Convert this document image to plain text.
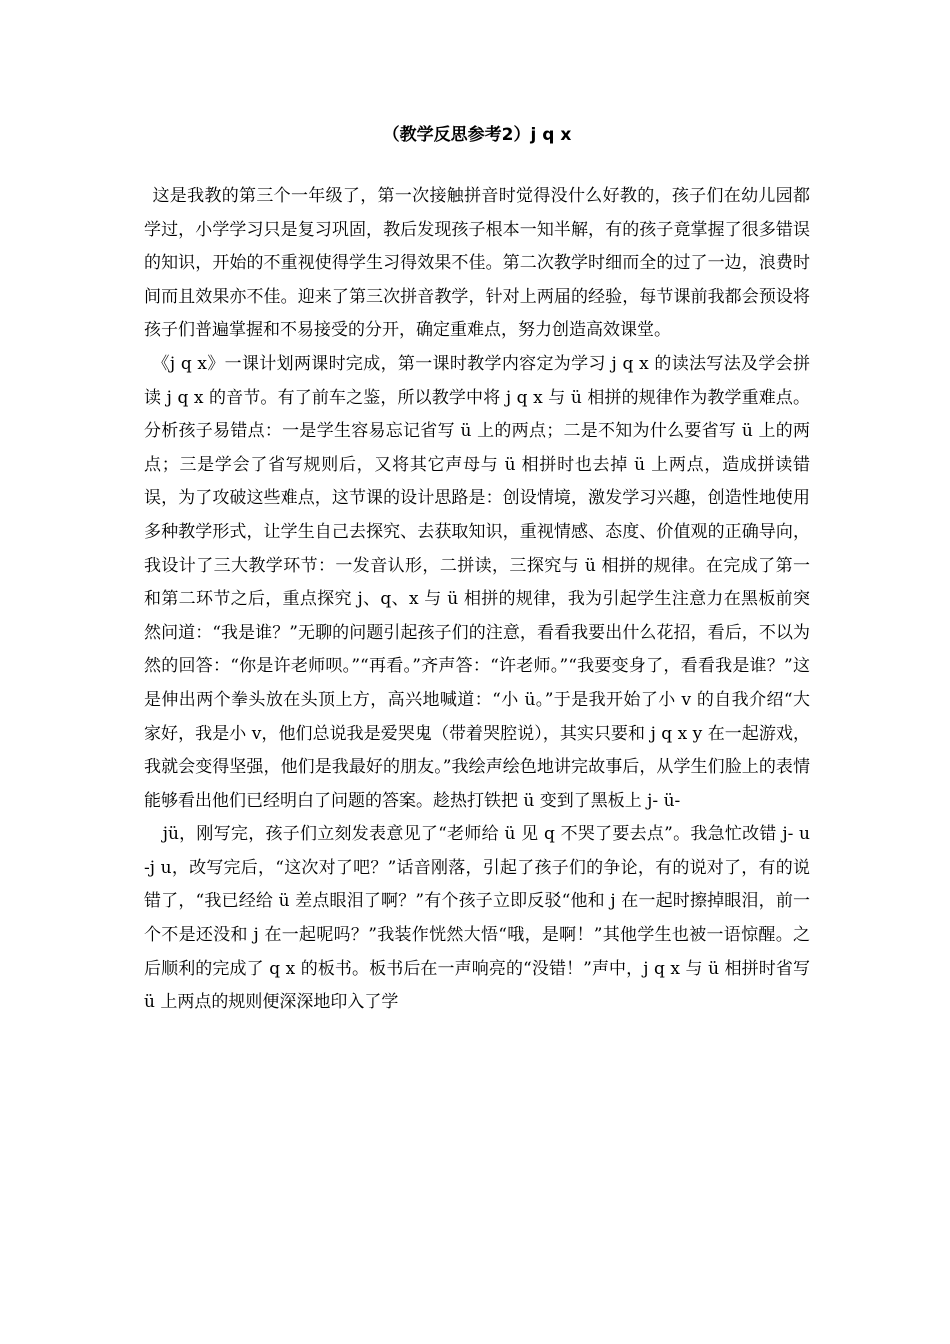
（教学反思参考2）j q x

这是我教的第三个一年级了，第一次接触拼音时觉得没什么好教的，孩子们在幼儿园都学过，小学学习只是复习巩固，教后发现孩子根本一知半解，有的孩子竟掌握了很多错误的知识，开始的不重视使得学生习得效果不佳。第二次教学时细而全的过了一边，浪费时间而且效果亦不佳。迎来了第三次拼音教学，针对上两届的经验，每节课前我都会预设将孩子们普遍掌握和不易接受的分开，确定重难点，努力创造高效课堂。

《j q x》一课计划两课时完成，第一课时教学内容定为学习 j q x 的读法写法及学会拼读 j q x 的音节。有了前车之鉴，所以教学中将 j q x 与 ü 相拼的规律作为教学重难点。分析孩子易错点：一是学生容易忘记省写 ü 上的两点；二是不知为什么要省写 ü 上的两点；三是学会了省写规则后，又将其它声母与 ü 相拼时也去掉 ü 上两点，造成拼读错误，为了攻破这些难点，这节课的设计思路是：创设情境，激发学习兴趣，创造性地使用多种教学形式，让学生自己去探究、去获取知识，重视情感、态度、价值观的正确导向，我设计了三大教学环节：一发音认形，二拼读，三探究与 ü 相拼的规律。在完成了第一和第二环节之后，重点探究 j、q、x 与 ü 相拼的规律，我为引起学生注意力在黑板前突然问道：“我是谁？”无聊的问题引起孩子们的注意，看看我要出什么花招，看后，不以为然的回答：“你是许老师呗。”“再看。”齐声答：“许老师。”“我要变身了，看看我是谁？”这是伸出两个拳头放在头顶上方，高兴地喊道：“小 ü。”于是我开始了小 v 的自我介绍“大家好，我是小 v，他们总说我是爱哭鬼（带着哭腔说），其实只要和 j q x y 在一起游戏，我就会变得坚强，他们是我最好的朋友。”我绘声绘色地讲完故事后，从学生们脸上的表情能够看出他们已经明白了问题的答案。趁热打铁把 ü 变到了黑板上 j- ü-

jü，刚写完，孩子们立刻发表意见了“老师给 ü 见 q 不哭了要去点”。我急忙改错 j- u -j u，改写完后，“这次对了吧？”话音刚落，引起了孩子们的争论，有的说对了，有的说错了，“我已经给 ü 差点眼泪了啊？”有个孩子立即反驳“他和 j 在一起时擦掉眼泪，前一个不是还没和 j 在一起呢吗？”我装作恍然大悟“哦，是啊！”其他学生也被一语惊醒。之后顺利的完成了 q x 的板书。板书后在一声响亮的“没错！”声中，j q x 与 ü 相拼时省写 ü 上两点的规则便深深地印入了学
